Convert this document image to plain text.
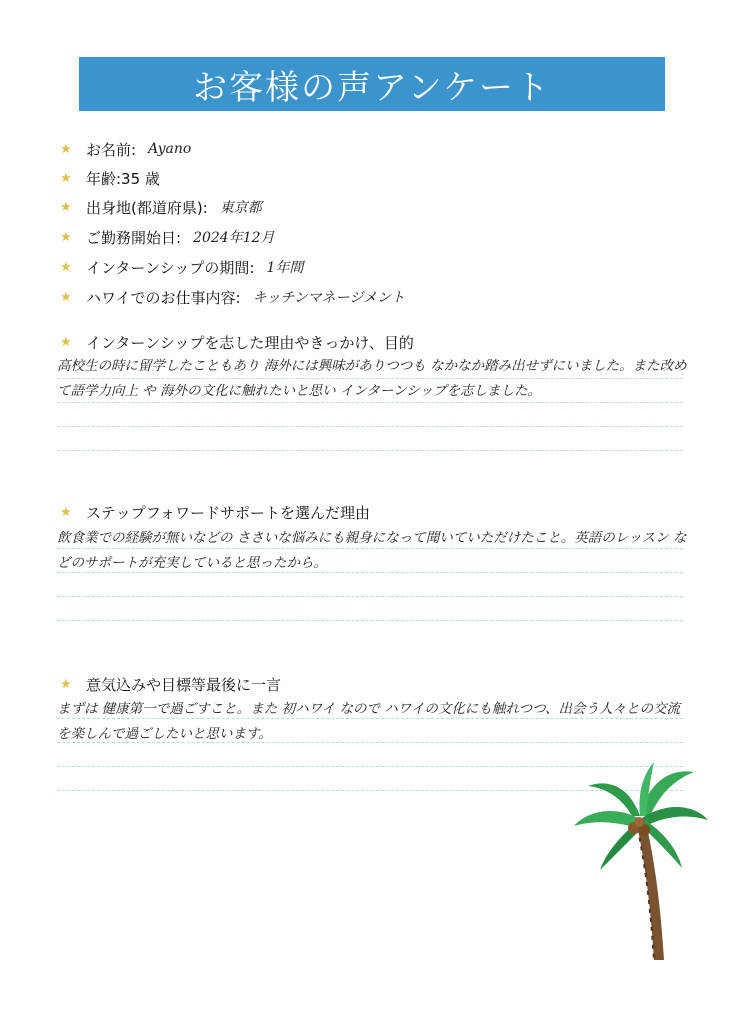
お客様の声アンケート
★ お名前: Ayano
★ 年齢:35 歳
★ 出身地(都道府県): 東京都
★ ご勤務開始日: 2024年12月
★ インターンシップの期間: 1年間
★ ハワイでのお仕事内容: キッチンマネージメント
★ インターンシップを志した理由やきっかけ、目的
高校生の時に留学したこともあり 海外には興味がありつつも なかなか踏み出せずにいました。また改めて語学力向上 や 海外の文化に触れたいと思い インターンシップを志しました。
★ ステップフォワードサポートを選んだ理由
飲食業での経験が無いなどの ささいな悩みにも親身になって聞いていただけたこと。英語のレッスン などのサポートが充実していると思ったから。
★ 意気込みや目標等最後に一言
まずは 健康第一で過ごすこと。また 初ハワイ なので ハワイの文化にも触れつつ、出会う人々との交流を楽しんで過ごしたいと思います。
